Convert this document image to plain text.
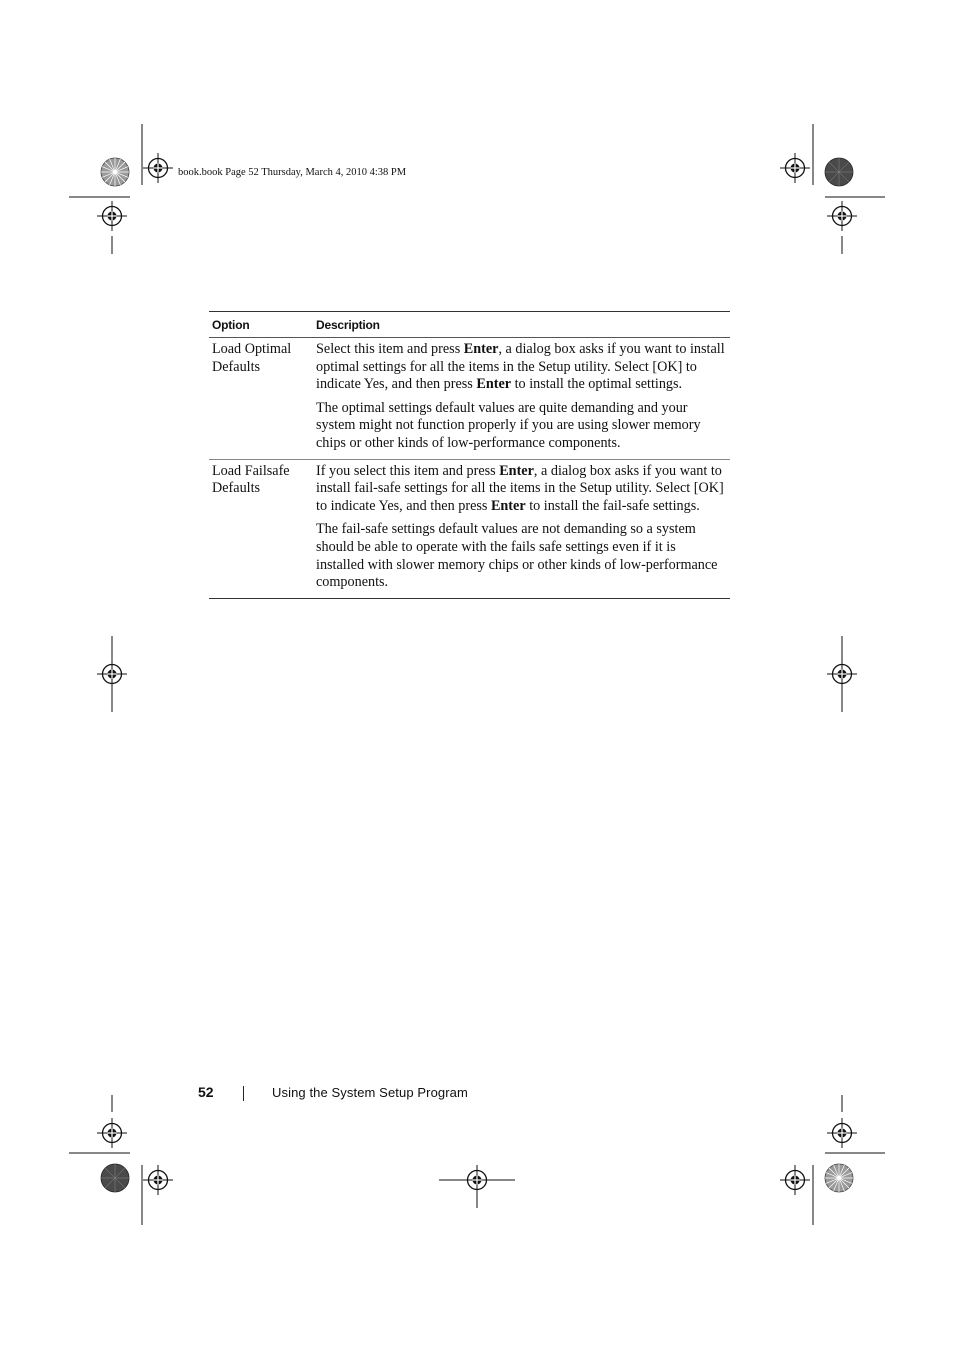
book.book Page 52 Thursday, March 4, 2010 4:38 PM
Option	Description
Load Optimal Defaults

Select this item and press Enter, a dialog box asks if you want to install optimal settings for all the items in the Setup utility. Select [OK] to indicate Yes, and then press Enter to install the optimal settings.

The optimal settings default values are quite demanding and your system might not function properly if you are using slower memory chips or other kinds of low-performance components.

Load Failsafe Defaults

If you select this item and press Enter, a dialog box asks if you want to install fail-safe settings for all the items in the Setup utility. Select [OK] to indicate Yes, and then press Enter to install the fail-safe settings.

The fail-safe settings default values are not demanding so a system should be able to operate with the fails safe settings even if it is installed with slower memory chips or other kinds of low-performance components.

52	Using the System Setup Program
